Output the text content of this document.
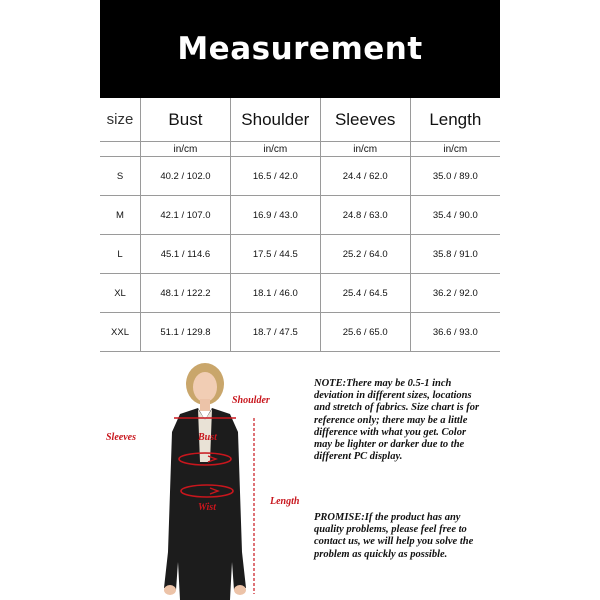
Measurement
size	Bust	Shoulder	Sleeves	Length
	in/cm	in/cm	in/cm	in/cm
S	40.2 / 102.0	16.5 / 42.0	24.4 / 62.0	35.0 / 89.0
M	42.1 / 107.0	16.9 / 43.0	24.8 / 63.0	35.4 / 90.0
L	45.1 / 114.6	17.5 / 44.5	25.2 / 64.0	35.8 / 91.0
XL	48.1 / 122.2	18.1 / 46.0	25.4 / 64.5	36.2 / 92.0
XXL	51.1 / 129.8	18.7 / 47.5	25.6 / 65.0	36.6 / 93.0
Shoulder
Sleeves	Bust
Wist
Length
NOTE:There may be 0.5-1 inch deviation in different sizes, locations and stretch of fabrics. Size chart is for reference only; there may be a little difference with what you get. Color may be lighter or darker due to the different PC display.
PROMISE:If the product has any quality problems, please feel free to contact us, we will help you solve the problem as quickly as possible.
